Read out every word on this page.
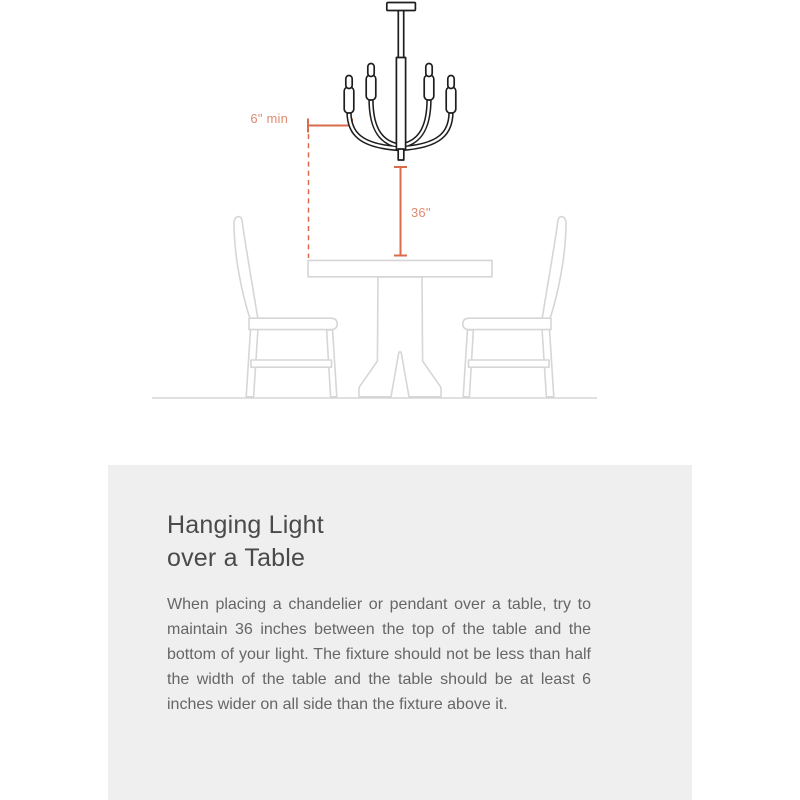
6" min
36"
Hanging Light
over a Table

When placing a chandelier or pendant over a table, try to maintain 36 inches between the top of the table and the bottom of your light. The fixture should not be less than half the width of the table and the table should be at least 6 inches wider on all side than the fixture above it.
